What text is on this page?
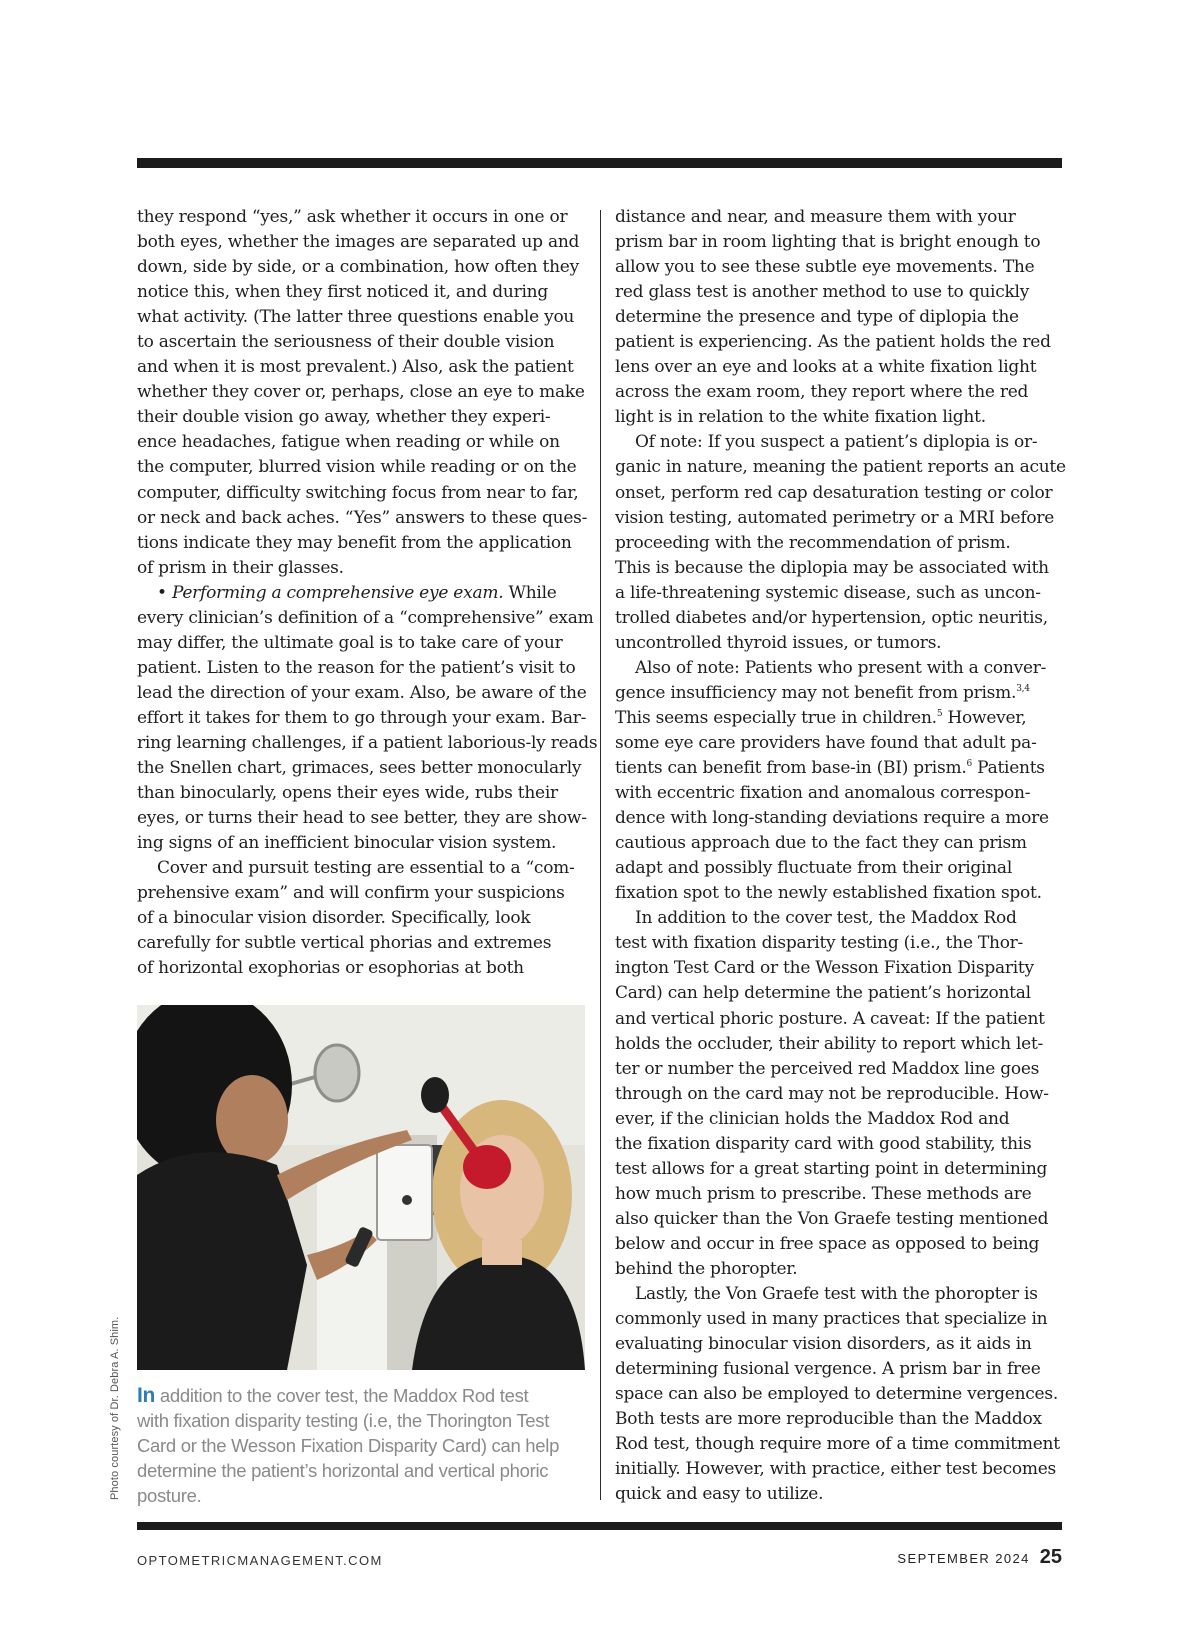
they respond “yes,” ask whether it occurs in one or

both eyes, whether the images are separated up and

down, side by side, or a combination, how often they

notice this, when they first noticed it, and during

what activity. (The latter three questions enable you

to ascertain the seriousness of their double vision

and when it is most prevalent.) Also, ask the patient

whether they cover or, perhaps, close an eye to make

their double vision go away, whether they experi-

ence headaches, fatigue when reading or while on

the computer, blurred vision while reading or on the

computer, difficulty switching focus from near to far,

or neck and back aches. “Yes” answers to these ques-

tions indicate they may benefit from the application

of prism in their glasses.

• Performing a comprehensive eye exam. While

every clinician’s definition of a “comprehensive” exam

may differ, the ultimate goal is to take care of your

patient. Listen to the reason for the patient’s visit to

lead the direction of your exam. Also, be aware of the

effort it takes for them to go through your exam. Bar-

ring learning challenges, if a patient laborious-ly reads

the Snellen chart, grimaces, sees better monocularly

than binocularly, opens their eyes wide, rubs their

eyes, or turns their head to see better, they are show-

ing signs of an inefficient binocular vision system.

Cover and pursuit testing are essential to a “com-

prehensive exam” and will confirm your suspicions

of a binocular vision disorder. Specifically, look

carefully for subtle vertical phorias and extremes

of horizontal exophorias or esophorias at both

distance and near, and measure them with your

prism bar in room lighting that is bright enough to

allow you to see these subtle eye movements. The

red glass test is another method to use to quickly

determine the presence and type of diplopia the

patient is experiencing. As the patient holds the red

lens over an eye and looks at a white fixation light

across the exam room, they report where the red

light is in relation to the white fixation light.

Of note: If you suspect a patient’s diplopia is or-

ganic in nature, meaning the patient reports an acute

onset, perform red cap desaturation testing or color

vision testing, automated perimetry or a MRI before

proceeding with the recommendation of prism.

This is because the diplopia may be associated with

a life-threatening systemic disease, such as uncon-

trolled diabetes and/or hypertension, optic neuritis,

uncontrolled thyroid issues, or tumors.

Also of note: Patients who present with a conver-

gence insufficiency may not benefit from prism.$^{3,4}$

This seems especially true in children.$^5$ However,

some eye care providers have found that adult pa-

tients can benefit from base-in (BI) prism.$^6$ Patients

with eccentric fixation and anomalous correspon-

dence with long-standing deviations require a more

cautious approach due to the fact they can prism

adapt and possibly fluctuate from their original

fixation spot to the newly established fixation spot.

In addition to the cover test, the Maddox Rod

test with fixation disparity testing (i.e., the Thor-

ington Test Card or the Wesson Fixation Disparity

Card) can help determine the patient’s horizontal

and vertical phoric posture. A caveat: If the patient

holds the occluder, their ability to report which let-

ter or number the perceived red Maddox line goes

through on the card may not be reproducible. How-

ever, if the clinician holds the Maddox Rod and

the fixation disparity card with good stability, this

test allows for a great starting point in determining

how much prism to prescribe. These methods are

also quicker than the Von Graefe testing mentioned

below and occur in free space as opposed to being

behind the phoropter.

Lastly, the Von Graefe test with the phoropter is

commonly used in many practices that specialize in

evaluating binocular vision disorders, as it aids in

determining fusional vergence. A prism bar in free

space can also be employed to determine vergences.

Both tests are more reproducible than the Maddox

Rod test, though require more of a time commitment

initially. However, with practice, either test becomes

quick and easy to utilize.

Photo courtesy of Dr. Debra A. Shim. In addition to the cover test, the Maddox Rod test

with fixation disparity testing (i.e, the Thorington Test

Card or the Wesson Fixation Disparity Card) can help

determine the patient’s horizontal and vertical phoric

posture.

OPTOMETRICMANAGEMENT.COM	SEPTEMBER 2024 25
